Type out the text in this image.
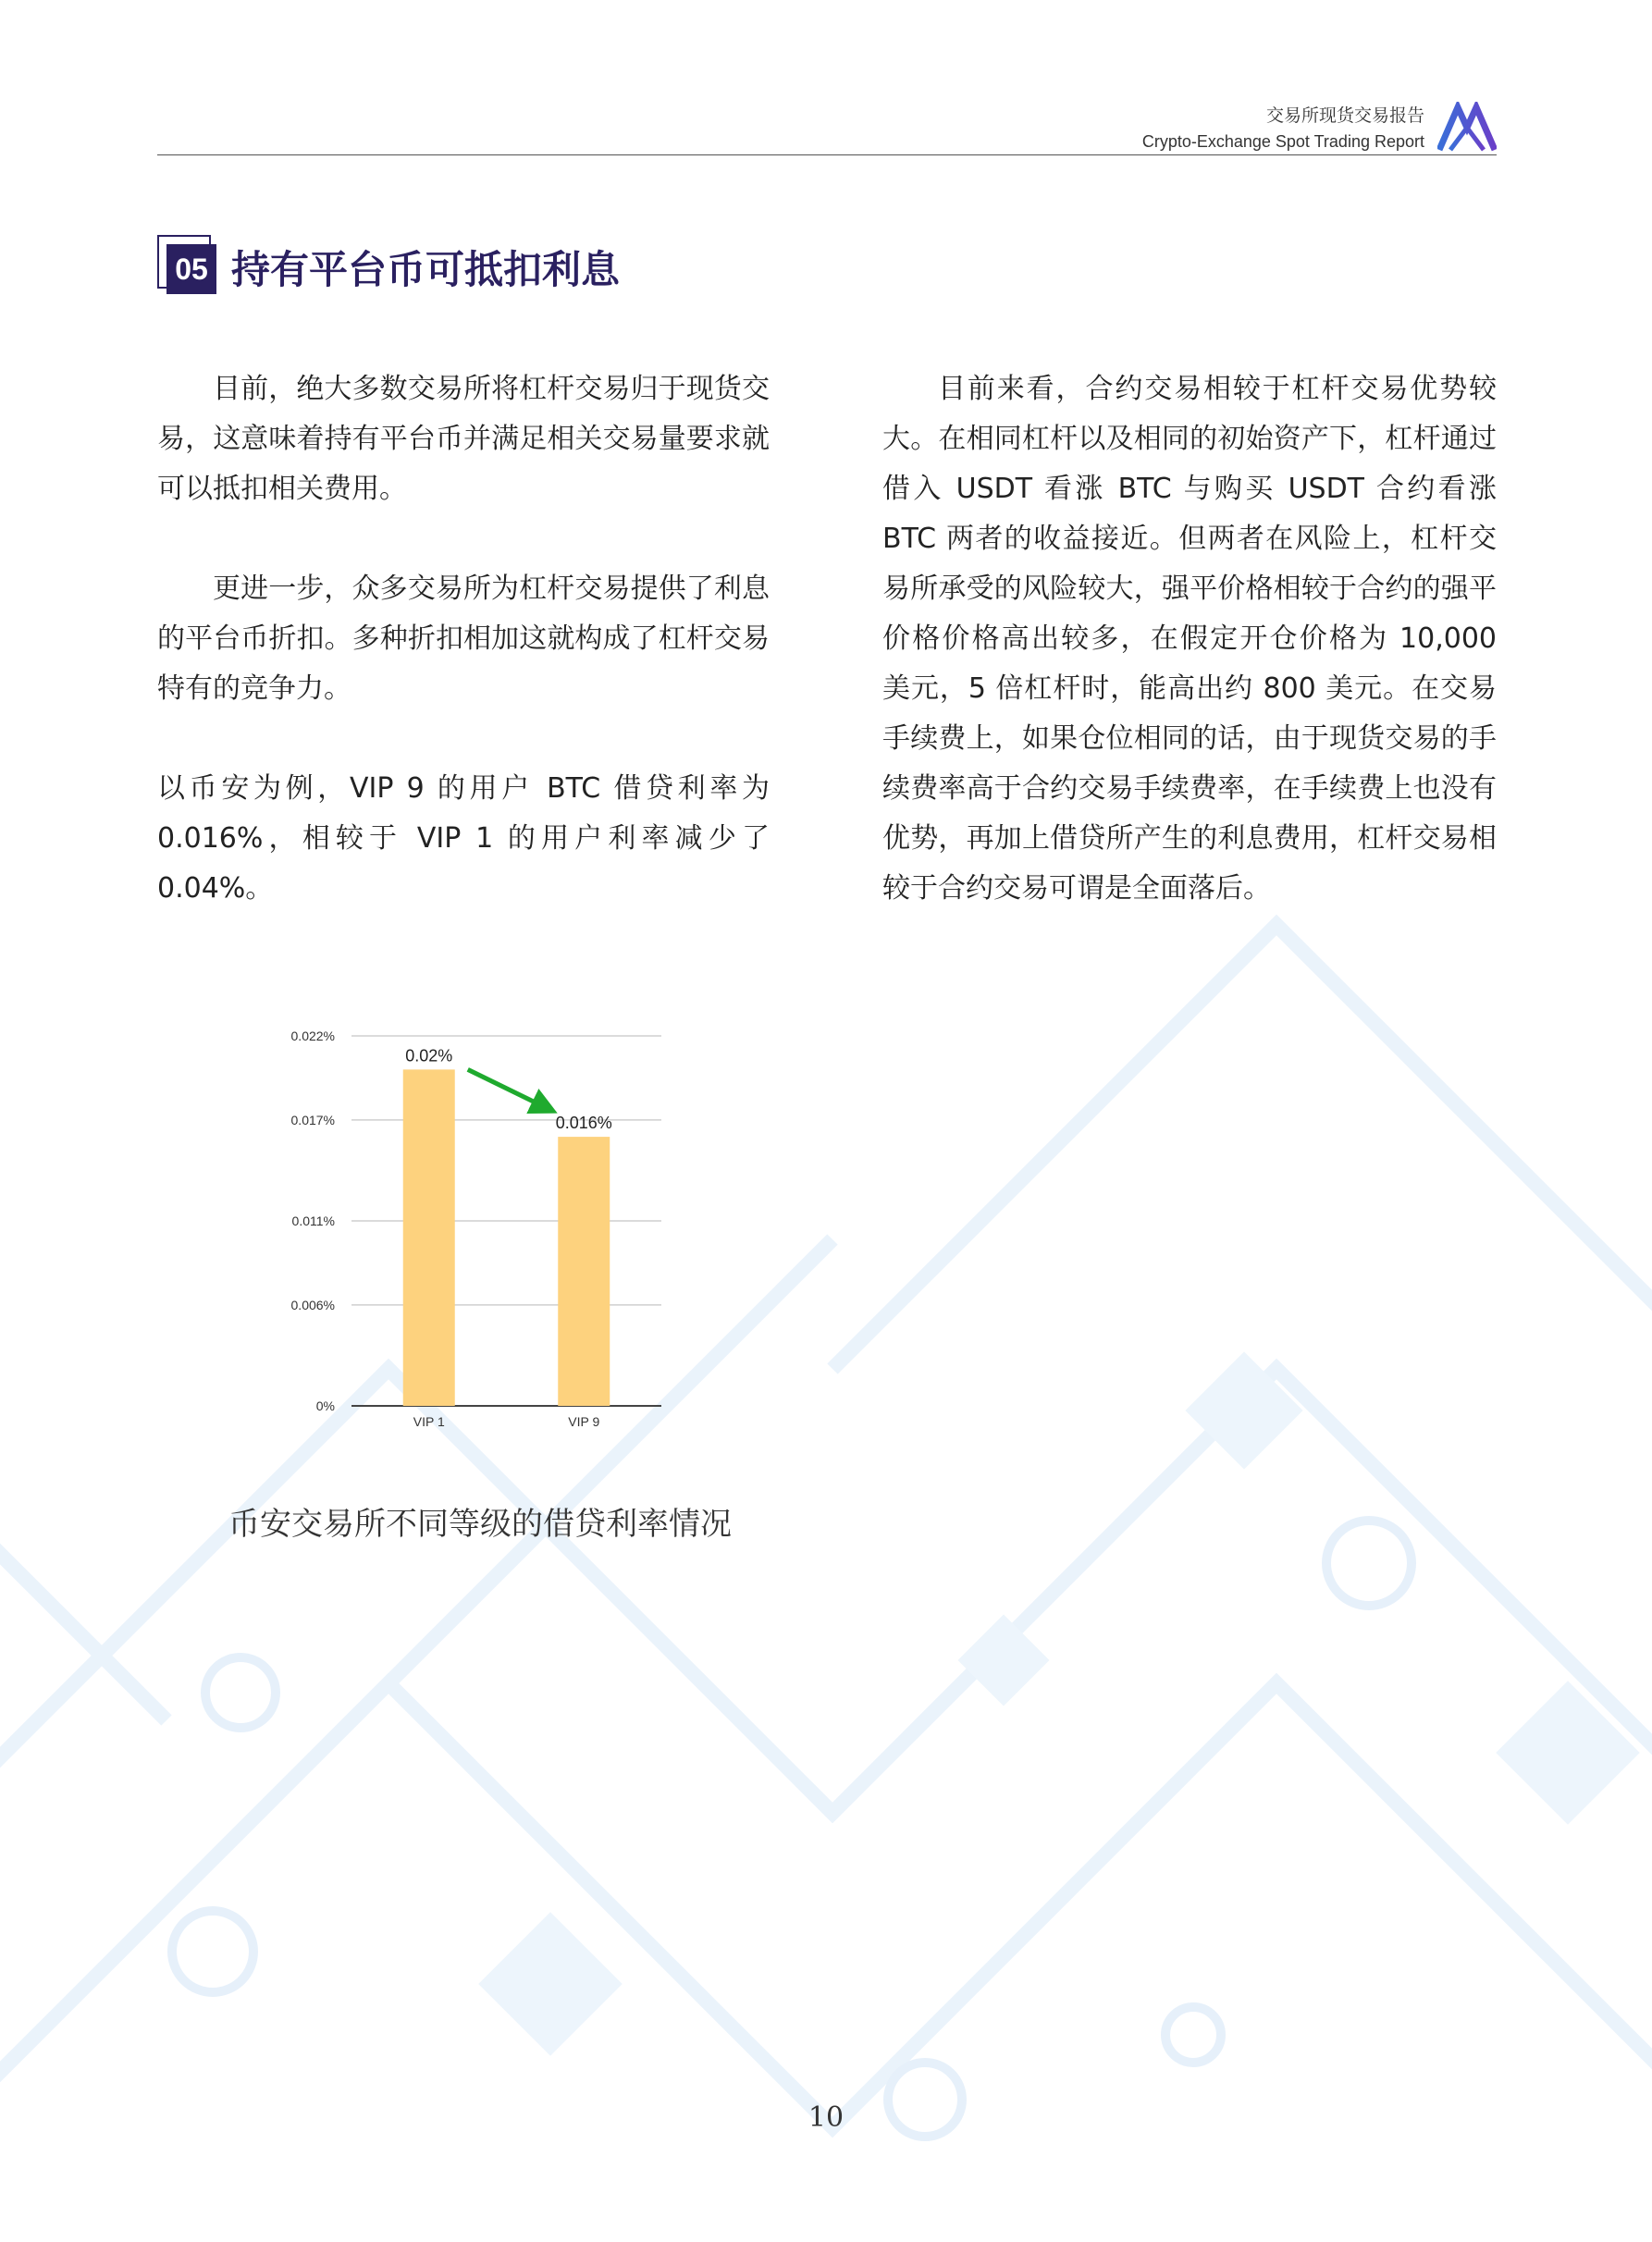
交易所现货交易报告
Crypto-Exchange Spot Trading Report
05 持有平台币可抵扣利息

目前，绝大多数交易所将杠杆交易归于现货交易，这意味着持有平台币并满足相关交易量要求就可以抵扣相关费用。

更进一步，众多交易所为杠杆交易提供了利息的平台币折扣。多种折扣相加这就构成了杠杆交易特有的竞争力。

以币安为例，VIP 9 的用户 BTC 借贷利率为

0.016%，相较于 VIP 1 的用户利率减少了 0.04%。

目前来看，合约交易相较于杠杆交易优势较大。在相同杠杆以及相同的初始资产下，杠杆通过借入 USDT 看涨 BTC 与购买 USDT 合约看涨 BTC 两者的收益接近。但两者在风险上，杠杆交易所承受的风险较大，强平价格相较于合约的强平价格价格高出较多，在假定开仓价格为 10,000 美元，5 倍杠杆时，能高出约 800 美元。在交易手续费上，如果仓位相同的话，由于现货交易的手续费率高于合约交易手续费率，在手续费上也没有优势，再加上借贷所产生的利息费用，杠杆交易相较于合约交易可谓是全面落后。

0%
0.006%
0.011%
0.017%
0.022%
0.02%
VIP 1
0.016%
VIP 9
币安交易所不同等级的借贷利率情况
10
